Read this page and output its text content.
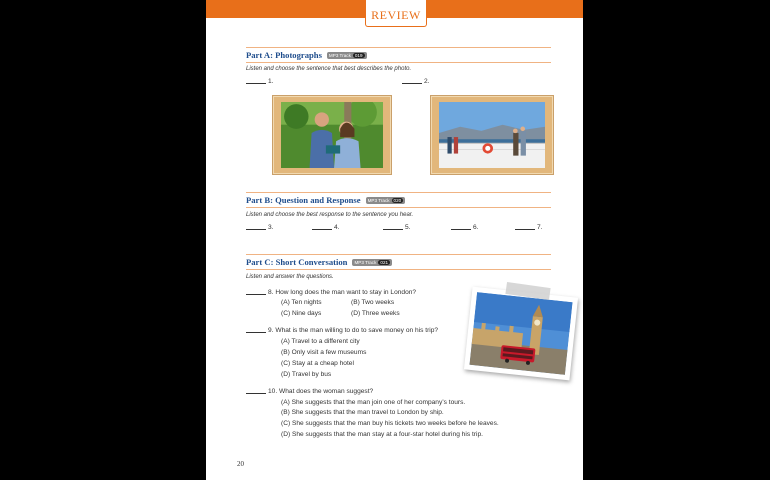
REVIEW
Part A: Photographs MP3 Track 019
Listen and choose the sentence that best describes the photo.
1.	2.
Part B: Question and Response MP3 Track 020
Listen and choose the best response to the sentence you hear.
3.	4.	5.	6.	7.
Part C: Short Conversation MP3 Track 021
Listen and answer the questions.
8. How long does the man want to stay in London?
(A) Ten nights	(B) Two weeks
(C) Nine days	(D) Three weeks
9. What is the man willing to do to save money on his trip?
(A) Travel to a different city
(B) Only visit a few museums
(C) Stay at a cheap hotel
(D) Travel by bus
10. What does the woman suggest?
(A) She suggests that the man join one of her company’s tours.
(B) She suggests that the man travel to London by ship.
(C) She suggests that the man buy his tickets two weeks before he leaves.
(D) She suggests that the man stay at a four-star hotel during his trip.
20
